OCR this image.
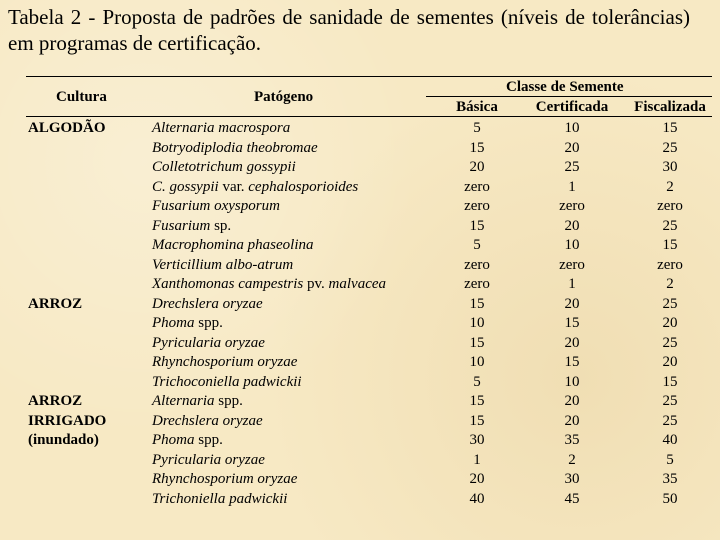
Tabela 2 - Proposta de padrões de sanidade de sementes (níveis de tolerâncias) em programas de certificação.
Cultura	Patógeno
Classe de Semente
Básica	Certificada	Fiscalizada
ALGODÃO	Alternaria macrospora	5	10	15
Botryodiplodia theobromae	15	20	25
Colletotrichum gossypii	20	25	30
C. gossypii var. cephalosporioides	zero	1	2
Fusarium oxysporum	zero	zero	zero
Fusarium sp.	15	20	25
Macrophomina phaseolina	5	10	15
Verticillium albo-atrum	zero	zero	zero
Xanthomonas campestris pv. malvacea	zero	1	2
ARROZ	Drechslera oryzae	15	20	25
Phoma spp.	10	15	20
Pyricularia oryzae	15	20	25
Rhynchosporium oryzae	10	15	20
Trichoconiella padwickii	5	10	15
ARROZ
IRRIGADO
(inundado)
Alternaria spp.	15	20	25
Drechslera oryzae	15	20	25
Phoma spp.	30	35	40
Pyricularia oryzae	1	2	5
Rhynchosporium oryzae	20	30	35
Trichoniella padwickii	40	45	50
